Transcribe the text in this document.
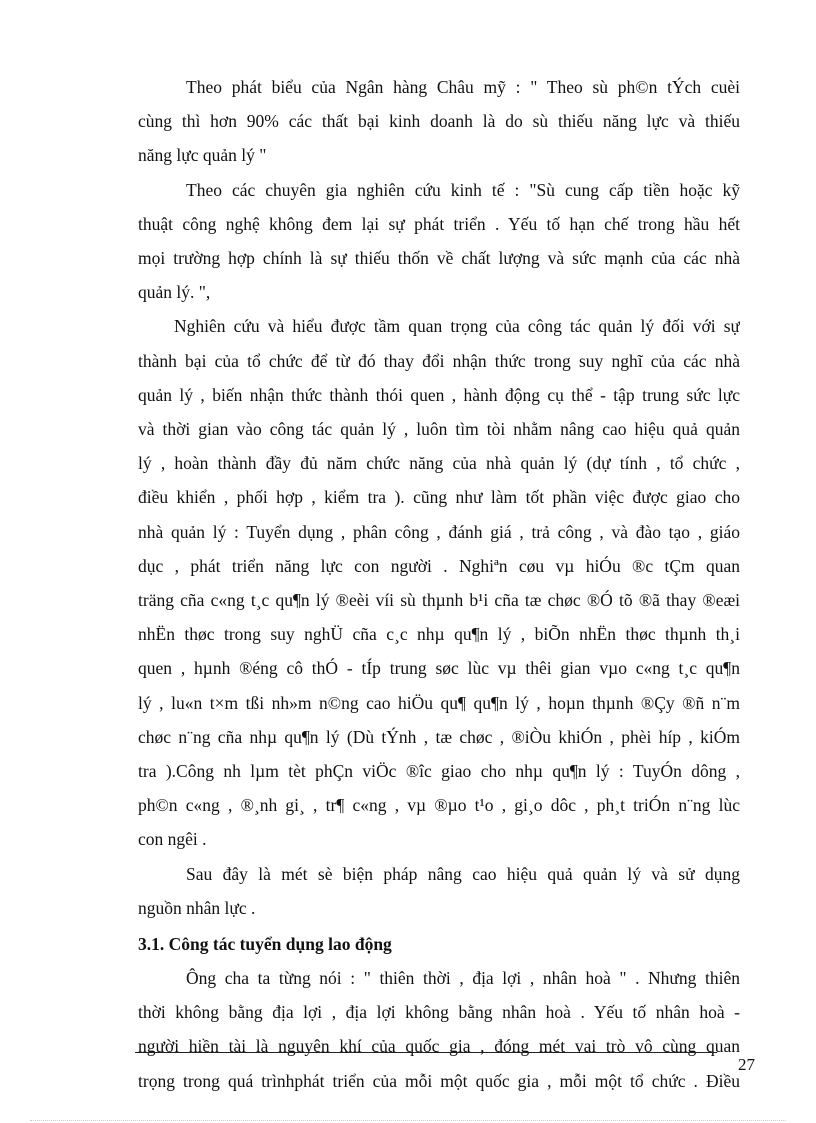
Theo phát biểu của Ngân hàng Châu mỹ : " Theo sù ph©n tÝch cuèi
cùng thì hơn 90% các thất bại kinh doanh là do sù thiếu năng lực và thiếu
năng lực quản lý "
Theo các chuyên gia nghiên cứu kinh tế : "Sù cung cấp tiền hoặc kỹ
thuật công nghệ không đem lại sự phát triển . Yếu tố hạn chế trong hầu hết
mọi trường hợp chính là sự thiếu thốn về chất lượng và sức mạnh của các nhà
quản lý. ",
Nghiên cứu và hiểu được tầm quan trọng của công tác quản lý đối với sự
thành bại của tổ chức để từ đó thay đổi nhận thức trong suy nghĩ của các nhà
quản lý , biến nhận thức thành thói quen , hành động cụ thể - tập trung sức lực
và thời gian vào công tác quản lý , luôn tìm tòi nhằm nâng cao hiệu quả quản
lý , hoàn thành đầy đủ năm chức năng của nhà quản lý (dự tính , tổ chức ,
điều khiển , phối hợp , kiểm tra ). cũng như làm tốt phần việc được giao cho
nhà quản lý : Tuyển dụng , phân công , đánh giá , trả công , và đào tạo , giáo
dục , phát triển năng lực con người . Nghiªn cøu vµ hiÓu ®c tÇm quan
träng cña c«ng t¸c qu¶n lý ®eèi víi sù thµnh b¹i cña tæ chøc ®Ó tõ ®ã thay ®eæi
nhËn thøc trong suy nghÜ cña c¸c nhµ qu¶n lý , biÕn nhËn thøc thµnh th¸i
quen , hµnh ®éng cô thÓ - tÍp trung søc lùc vµ thêi gian vµo c«ng t¸c qu¶n
lý , lu«n t×m tßi nh»m n©ng cao hiÖu qu¶ qu¶n lý , hoµn thµnh ®Çy ®ñ n¨m
chøc n¨ng cña nhµ qu¶n lý (Dù tÝnh , tæ chøc , ®iÒu khiÓn , phèi híp , kiÓm
tra ).Công nh lµm tèt phÇn viÖc ®îc giao cho nhµ qu¶n lý : TuyÓn dông ,
ph©n c«ng , ®¸nh gi¸ , tr¶ c«ng , vµ ®µo t¹o , gi¸o dôc , ph¸t triÓn n¨ng lùc
con ngêi .
Sau đây là mét sè biện pháp nâng cao hiệu quả quản lý và sử dụng
nguồn nhân lực .
3.1. Công tác tuyển dụng lao động
Ông cha ta từng nói : " thiên thời , địa lợi , nhân hoà " . Nhưng thiên
thời không bằng địa lợi , địa lợi không bằng nhân hoà . Yếu tố nhân hoà -
người hiền tài là nguyên khí của quốc gia , đóng mét vai trò vô cùng quan
trọng trong quá trìnhphát triển của mỗi một quốc gia , mỗi một tổ chức . Điều
27
